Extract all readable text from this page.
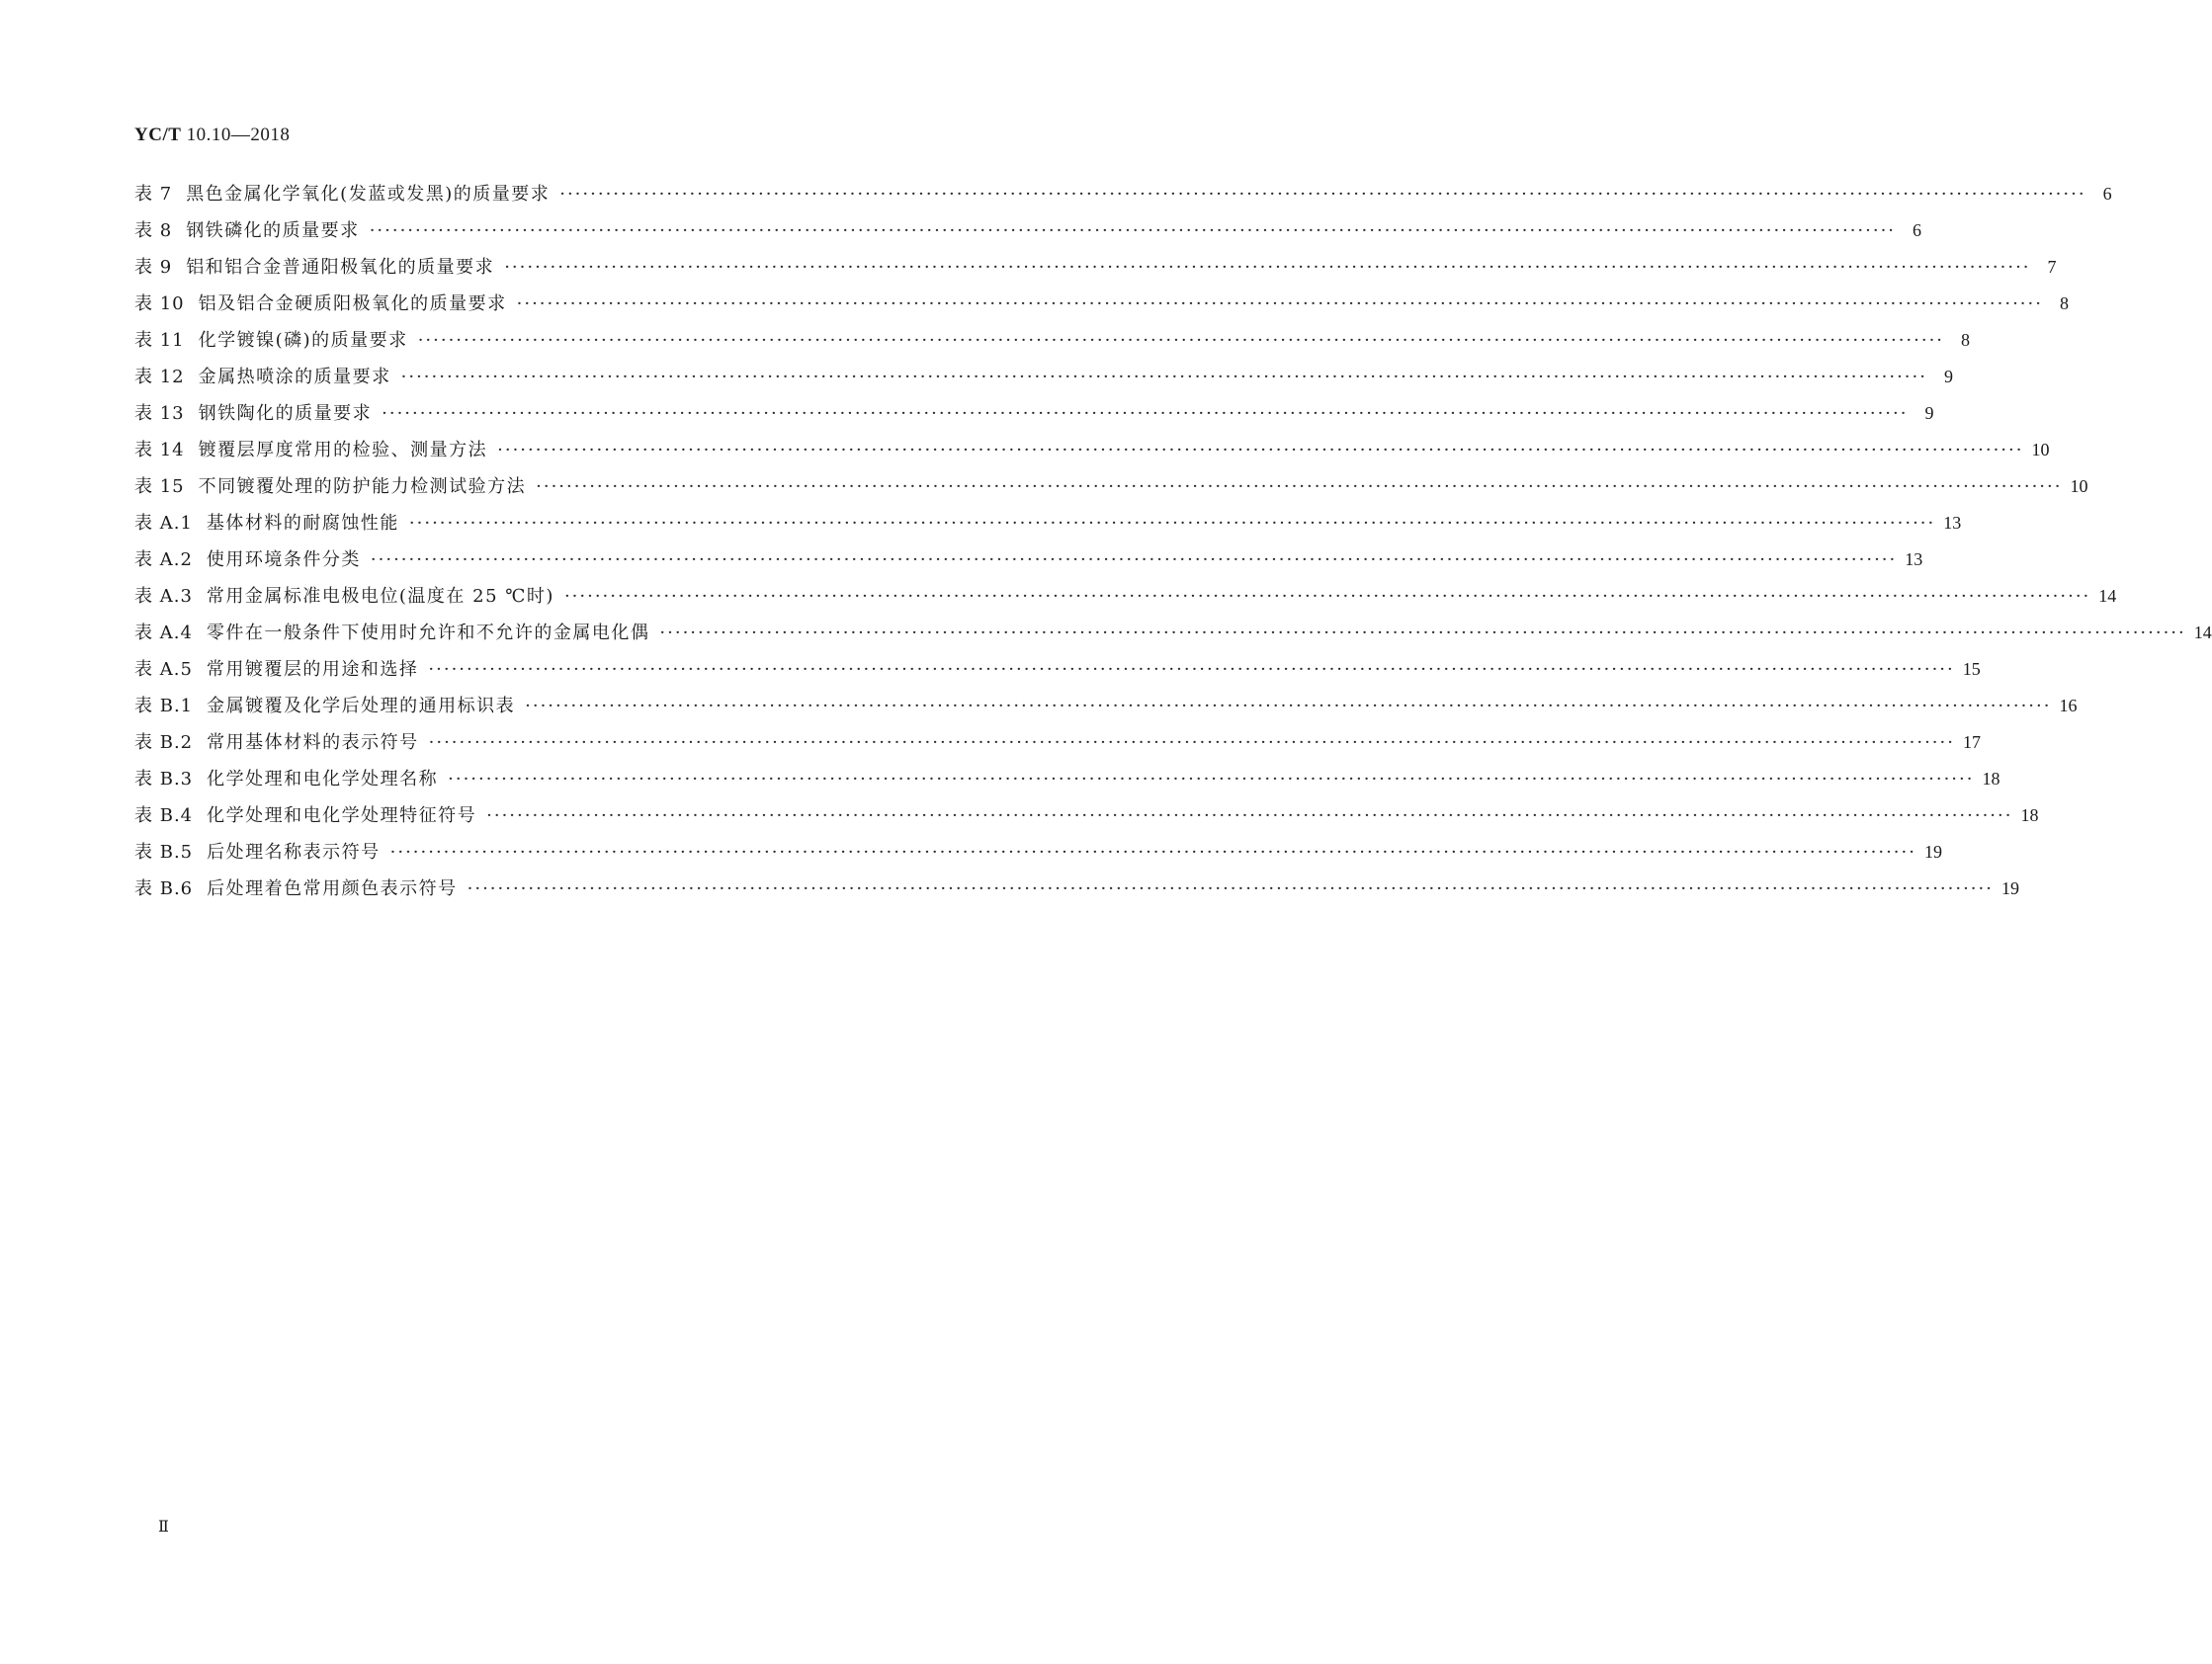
YC/T 10.10—2018
表 7 黑色金属化学氧化(发蓝或发黑)的质量要求 ········································································································································································································ 6
表 8 钢铁磷化的质量要求 ········································································································································································································ 6
表 9 铝和铝合金普通阳极氧化的质量要求 ········································································································································································································ 7
表 10 铝及铝合金硬质阳极氧化的质量要求 ········································································································································································································ 8
表 11 化学镀镍(磷)的质量要求 ········································································································································································································ 8
表 12 金属热喷涂的质量要求 ········································································································································································································ 9
表 13 钢铁陶化的质量要求 ········································································································································································································ 9
表 14 镀覆层厚度常用的检验、测量方法 ········································································································································································································ 10
表 15 不同镀覆处理的防护能力检测试验方法 ········································································································································································································ 10
表 A.1 基体材料的耐腐蚀性能 ········································································································································································································ 13
表 A.2 使用环境条件分类 ········································································································································································································ 13
表 A.3 常用金属标准电极电位(温度在 25 ℃时) ········································································································································································································ 14
表 A.4 零件在一般条件下使用时允许和不允许的金属电化偶 ········································································································································································································ 14
表 A.5 常用镀覆层的用途和选择 ········································································································································································································ 15
表 B.1 金属镀覆及化学后处理的通用标识表 ········································································································································································································ 16
表 B.2 常用基体材料的表示符号 ········································································································································································································ 17
表 B.3 化学处理和电化学处理名称 ········································································································································································································ 18
表 B.4 化学处理和电化学处理特征符号 ········································································································································································································ 18
表 B.5 后处理名称表示符号 ········································································································································································································ 19
表 B.6 后处理着色常用颜色表示符号 ········································································································································································································ 19
Ⅱ
